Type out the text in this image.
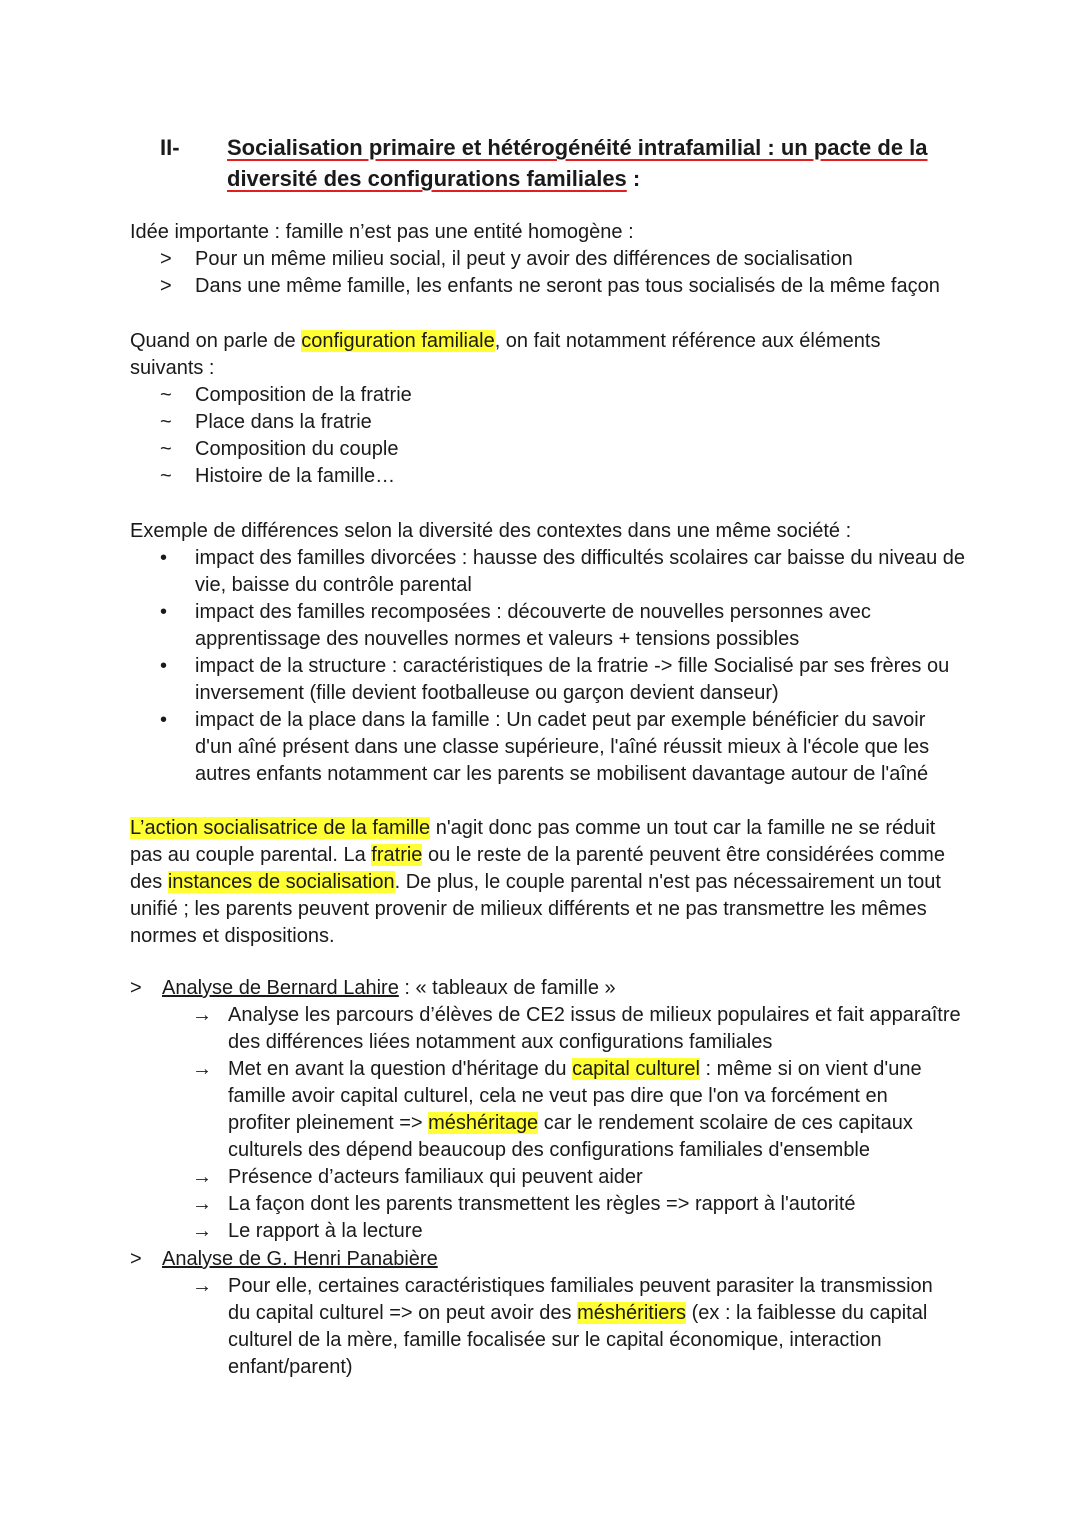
II- Socialisation primaire et hétérogénéité intrafamilial : un pacte de la
diversité des configurations familiales :
Idée importante : famille n’est pas une entité homogène :
> Pour un même milieu social, il peut y avoir des différences de socialisation
> Dans une même famille, les enfants ne seront pas tous socialisés de la même façon
Quand on parle de configuration familiale, on fait notamment référence aux éléments
suivants :
~ Composition de la fratrie
~ Place dans la fratrie
~ Composition du couple
~ Histoire de la famille…
Exemple de différences selon la diversité des contextes dans une même société :
• impact des familles divorcées : hausse des difficultés scolaires car baisse du niveau de
vie, baisse du contrôle parental
• impact des familles recomposées : découverte de nouvelles personnes avec
apprentissage des nouvelles normes et valeurs + tensions possibles
• impact de la structure : caractéristiques de la fratrie -> fille Socialisé par ses frères ou
inversement (fille devient footballeuse ou garçon devient danseur)
• impact de la place dans la famille : Un cadet peut par exemple bénéficier du savoir
d'un aîné présent dans une classe supérieure, l'aîné réussit mieux à l'école que les
autres enfants notamment car les parents se mobilisent davantage autour de l'aîné
L’action socialisatrice de la famille n'agit donc pas comme un tout car la famille ne se réduit
pas au couple parental. La fratrie ou le reste de la parenté peuvent être considérées comme
des instances de socialisation. De plus, le couple parental n'est pas nécessairement un tout
unifié ; les parents peuvent provenir de milieux différents et ne pas transmettre les mêmes
normes et dispositions.
> Analyse de Bernard Lahire : « tableaux de famille »
→ Analyse les parcours d’élèves de CE2 issus de milieux populaires et fait apparaître
des différences liées notamment aux configurations familiales
→ Met en avant la question d'héritage du capital culturel : même si on vient d'une
famille avoir capital culturel, cela ne veut pas dire que l'on va forcément en
profiter pleinement => méshéritage car le rendement scolaire de ces capitaux
culturels des dépend beaucoup des configurations familiales d'ensemble
→ Présence d’acteurs familiaux qui peuvent aider
→ La façon dont les parents transmettent les règles => rapport à l'autorité
→ Le rapport à la lecture
> Analyse de G. Henri Panabière
→ Pour elle, certaines caractéristiques familiales peuvent parasiter la transmission
du capital culturel => on peut avoir des méshéritiers (ex : la faiblesse du capital
culturel de la mère, famille focalisée sur le capital économique, interaction
enfant/parent)
